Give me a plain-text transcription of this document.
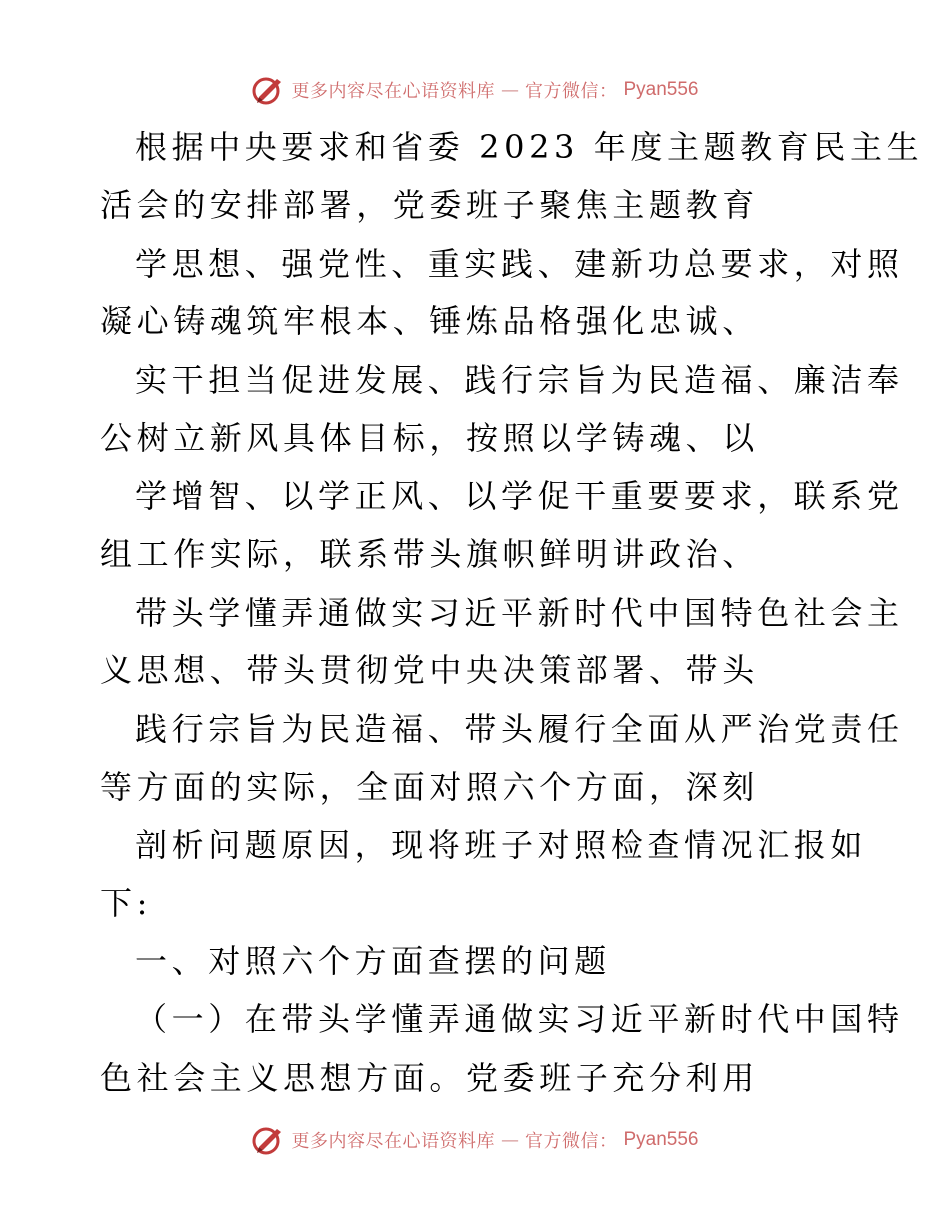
更多内容尽在心语资料库 — 官方微信： Pyan556
根据中央要求和省委 2023 年度主题教育民主生
活会的安排部署，党委班子聚焦主题教育
学思想、强党性、重实践、建新功总要求，对照
凝心铸魂筑牢根本、锤炼品格强化忠诚、
实干担当促进发展、践行宗旨为民造福、廉洁奉
公树立新风具体目标，按照以学铸魂、以
学增智、以学正风、以学促干重要要求，联系党
组工作实际，联系带头旗帜鲜明讲政治、
带头学懂弄通做实习近平新时代中国特色社会主
义思想、带头贯彻党中央决策部署、带头
践行宗旨为民造福、带头履行全面从严治党责任
等方面的实际，全面对照六个方面，深刻
剖析问题原因，现将班子对照检查情况汇报如
下:
一、对照六个方面查摆的问题
（一）在带头学懂弄通做实习近平新时代中国特
色社会主义思想方面。党委班子充分利用
更多内容尽在心语资料库 — 官方微信： Pyan556
